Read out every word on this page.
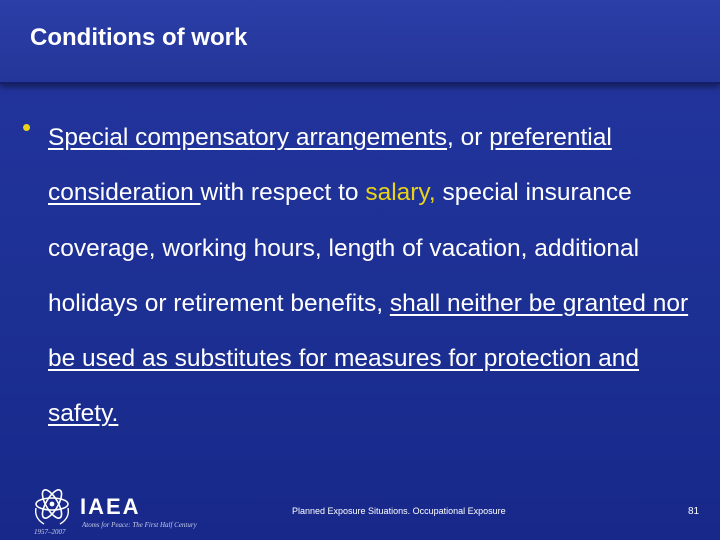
Conditions of work
• Special compensatory arrangements, or preferential consideration with respect to salary, special insurance coverage, working hours, length of vacation, additional holidays or retirement benefits, shall neither be granted nor be used as substitutes for measures for protection and safety.
IAEA
Atoms for Peace: The First Half Century
1957–2007
Planned Exposure Situations. Occupational Exposure	81
